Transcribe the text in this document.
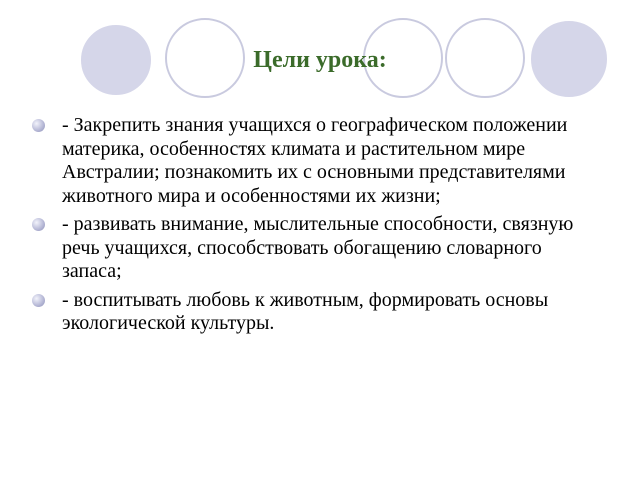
Цели урока:
- Закрепить знания учащихся о географическом положении материка, особенностях климата и растительном мире Австралии; познакомить их с основными представителями животного мира и особенностями их жизни;
- развивать внимание, мыслительные способности, связную речь учащихся, способствовать обогащению словарного запаса;
- воспитывать любовь к животным, формировать основы экологической культуры.
